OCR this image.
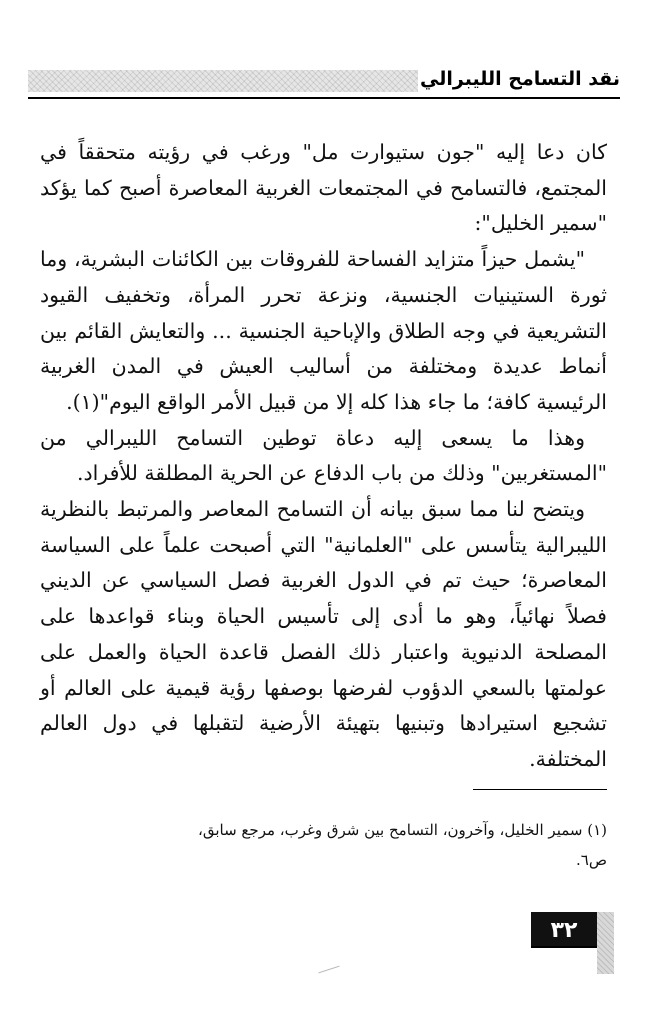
نقد التسامح الليبرالي

كان دعا إليه "جون ستيوارت مل" ورغب في رؤيته متحققاً في المجتمع، فالتسامح في المجتمعات الغربية المعاصرة أصبح كما يؤكد "سمير الخليل":

"يشمل حيزاً متزايد الفساحة للفروقات بين الكائنات البشرية، وما ثورة الستينيات الجنسية، ونزعة تحرر المرأة، وتخفيف القيود التشريعية في وجه الطلاق والإباحية الجنسية ... والتعايش القائم بين أنماط عديدة ومختلفة من أساليب العيش في المدن الغربية الرئيسية كافة؛ ما جاء هذا كله إلا من قبيل الأمر الواقع اليوم"(١).

وهذا ما يسعى إليه دعاة توطين التسامح الليبرالي من "المستغربين" وذلك من باب الدفاع عن الحرية المطلقة للأفراد.

ويتضح لنا مما سبق بيانه أن التسامح المعاصر والمرتبط بالنظرية الليبرالية يتأسس على "العلمانية" التي أصبحت علماً على السياسة المعاصرة؛ حيث تم في الدول الغربية فصل السياسي عن الديني فصلاً نهائياً، وهو ما أدى إلى تأسيس الحياة وبناء قواعدها على المصلحة الدنيوية واعتبار ذلك الفصل قاعدة الحياة والعمل على عولمتها بالسعي الدؤوب لفرضها بوصفها رؤية قيمية على العالم أو تشجيع استيرادها وتبنيها بتهيئة الأرضية لتقبلها في دول العالم المختلفة.

(١) سمير الخليل، وآخرون، التسامح بين شرق وغرب، مرجع سابق،
ص٦.
٣٢
